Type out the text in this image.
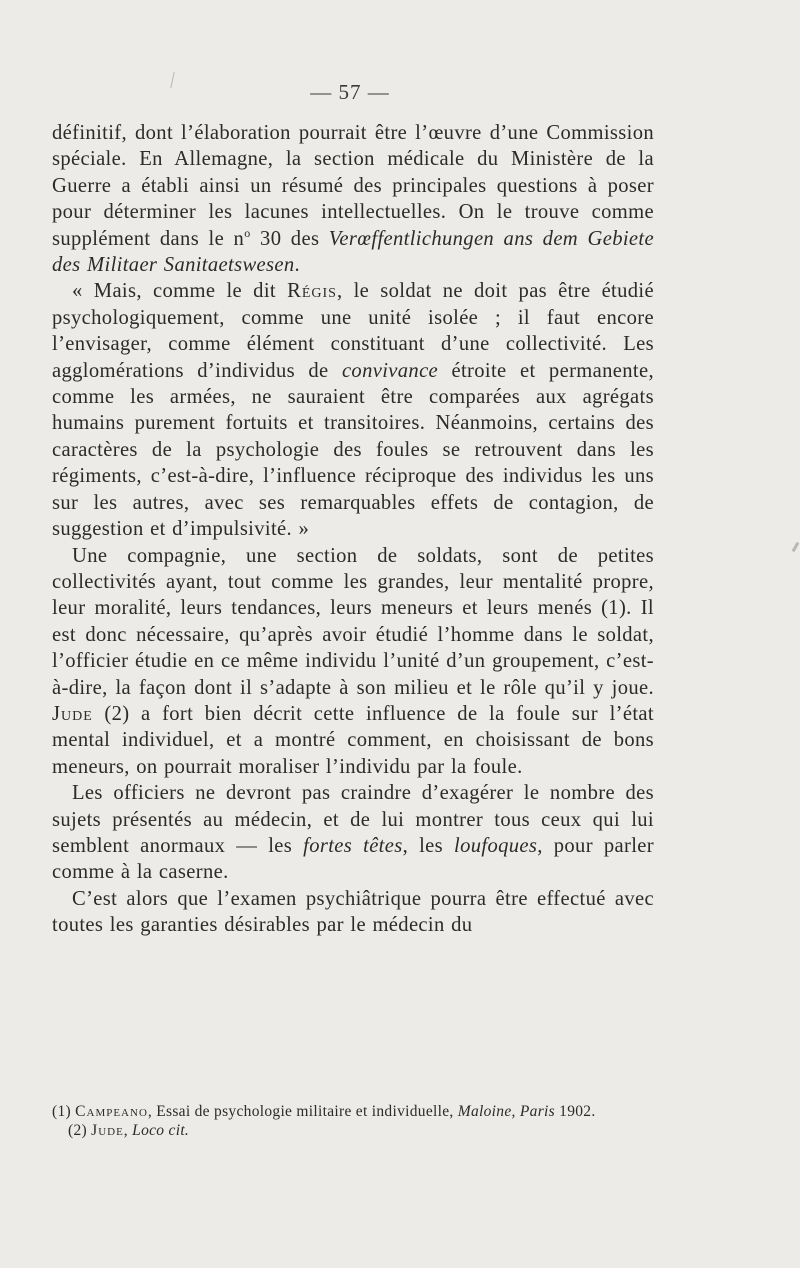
— 57 —

définitif, dont l’élaboration pourrait être l’œuvre d’une Commission spéciale. En Allemagne, la section médicale du Ministère de la Guerre a établi ainsi un résumé des principales questions à poser pour déterminer les lacunes intellectuelles. On le trouve comme supplément dans le $n^o$ 30 des Verœffentlichungen ans dem Gebiete des Militaer Sanitaetswesen.

« Mais, comme le dit Régis, le soldat ne doit pas être étudié psychologiquement, comme une unité isolée ; il faut encore l’envisager, comme élément constituant d’une collectivité. Les agglomérations d’individus de convivance étroite et permanente, comme les armées, ne sauraient être comparées aux agrégats humains purement fortuits et transitoires. Néanmoins, certains des caractères de la psychologie des foules se retrouvent dans les régiments, c’est-à-dire, l’influence réciproque des individus les uns sur les autres, avec ses remarquables effets de contagion, de suggestion et d’impulsivité. »

Une compagnie, une section de soldats, sont de petites collectivités ayant, tout comme les grandes, leur mentalité propre, leur moralité, leurs tendances, leurs meneurs et leurs menés (1). Il est donc nécessaire, qu’après avoir étudié l’homme dans le soldat, l’officier étudie en ce même individu l’unité d’un groupement, c’est-à-dire, la façon dont il s’adapte à son milieu et le rôle qu’il y joue. Jude (2) a fort bien décrit cette influence de la foule sur l’état mental individuel, et a montré comment, en choisissant de bons meneurs, on pourrait moraliser l’individu par la foule.

Les officiers ne devront pas craindre d’exagérer le nombre des sujets présentés au médecin, et de lui montrer tous ceux qui lui semblent anormaux — les fortes têtes, les loufoques, pour parler comme à la caserne.

C’est alors que l’examen psychiâtrique pourra être effectué avec toutes les garanties désirables par le médecin du

(1) Campeano, Essai de psychologie militaire et individuelle, Maloine, Paris 1902.

(2) Jude, Loco cit.
